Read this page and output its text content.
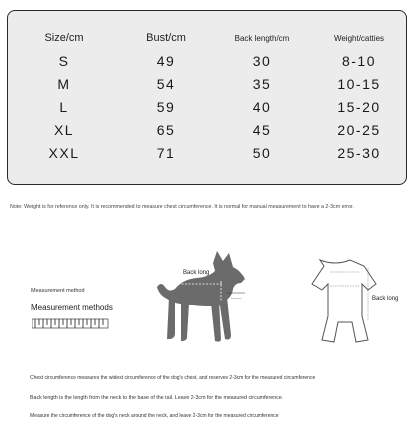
Size/cm	Bust/cm	Back length/cm	Weight/catties
S	49	30	8-10
M	54	35	10-15
L	59	40	15-20
XL	65	45	20-25
XXL	71	50	25-30
Note: Weight is for reference only. It is recommended to measure chest circumference. It is normal for manual measurement to have a 2-3cm error.
Measurement method
Measurement methods
Back long
———	Back long
Chest circumference measures the widest circumference of the dog's chest, and reserves 2-3cm for the measured circumference
Back length is the length from the neck to the base of the tail. Leave 2-3cm for the measured circumference.
Measure the circumference of the dog's neck around the neck, and leave 2-3cm for the measured circumference
